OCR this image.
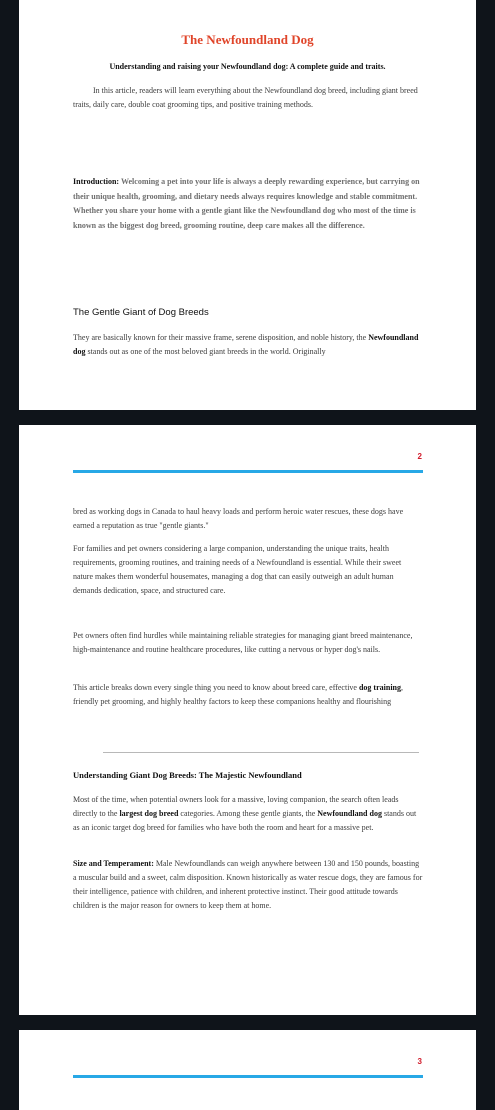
The Newfoundland Dog
Understanding and raising your Newfoundland dog: A complete guide and traits.
In this article, readers will learn everything about the Newfoundland dog breed, including giant breed traits, daily care, double coat grooming tips, and positive training methods.
Introduction: Welcoming a pet into your life is always a deeply rewarding experience, but carrying on their unique health, grooming, and dietary needs always requires knowledge and stable commitment. Whether you share your home with a gentle giant like the Newfoundland dog who most of the time is known as the biggest dog breed, grooming routine, deep care makes all the difference.
The Gentle Giant of Dog Breeds
They are basically known for their massive frame, serene disposition, and noble history, the Newfoundland dog stands out as one of the most beloved giant breeds in the world. Originally
2
bred as working dogs in Canada to haul heavy loads and perform heroic water rescues, these dogs have earned a reputation as true "gentle giants."
For families and pet owners considering a large companion, understanding the unique traits, health requirements, grooming routines, and training needs of a Newfoundland is essential. While their sweet nature makes them wonderful housemates, managing a dog that can easily outweigh an adult human demands dedication, space, and structured care.
Pet owners often find hurdles while maintaining reliable strategies for managing giant breed maintenance, high-maintenance and routine healthcare procedures, like cutting a nervous or hyper dog's nails.
This article breaks down every single thing you need to know about breed care, effective dog training, friendly pet grooming, and highly healthy factors to keep these companions healthy and flourishing
Understanding Giant Dog Breeds: The Majestic Newfoundland
Most of the time, when potential owners look for a massive, loving companion, the search often leads directly to the largest dog breed categories. Among these gentle giants, the Newfoundland dog stands out as an iconic target dog breed for families who have both the room and heart for a massive pet.
Size and Temperament: Male Newfoundlands can weigh anywhere between 130 and 150 pounds, boasting a muscular build and a sweet, calm disposition. Known historically as water rescue dogs, they are famous for their intelligence, patience with children, and inherent protective instinct. Their good attitude towards children is the major reason for owners to keep them at home.
3
